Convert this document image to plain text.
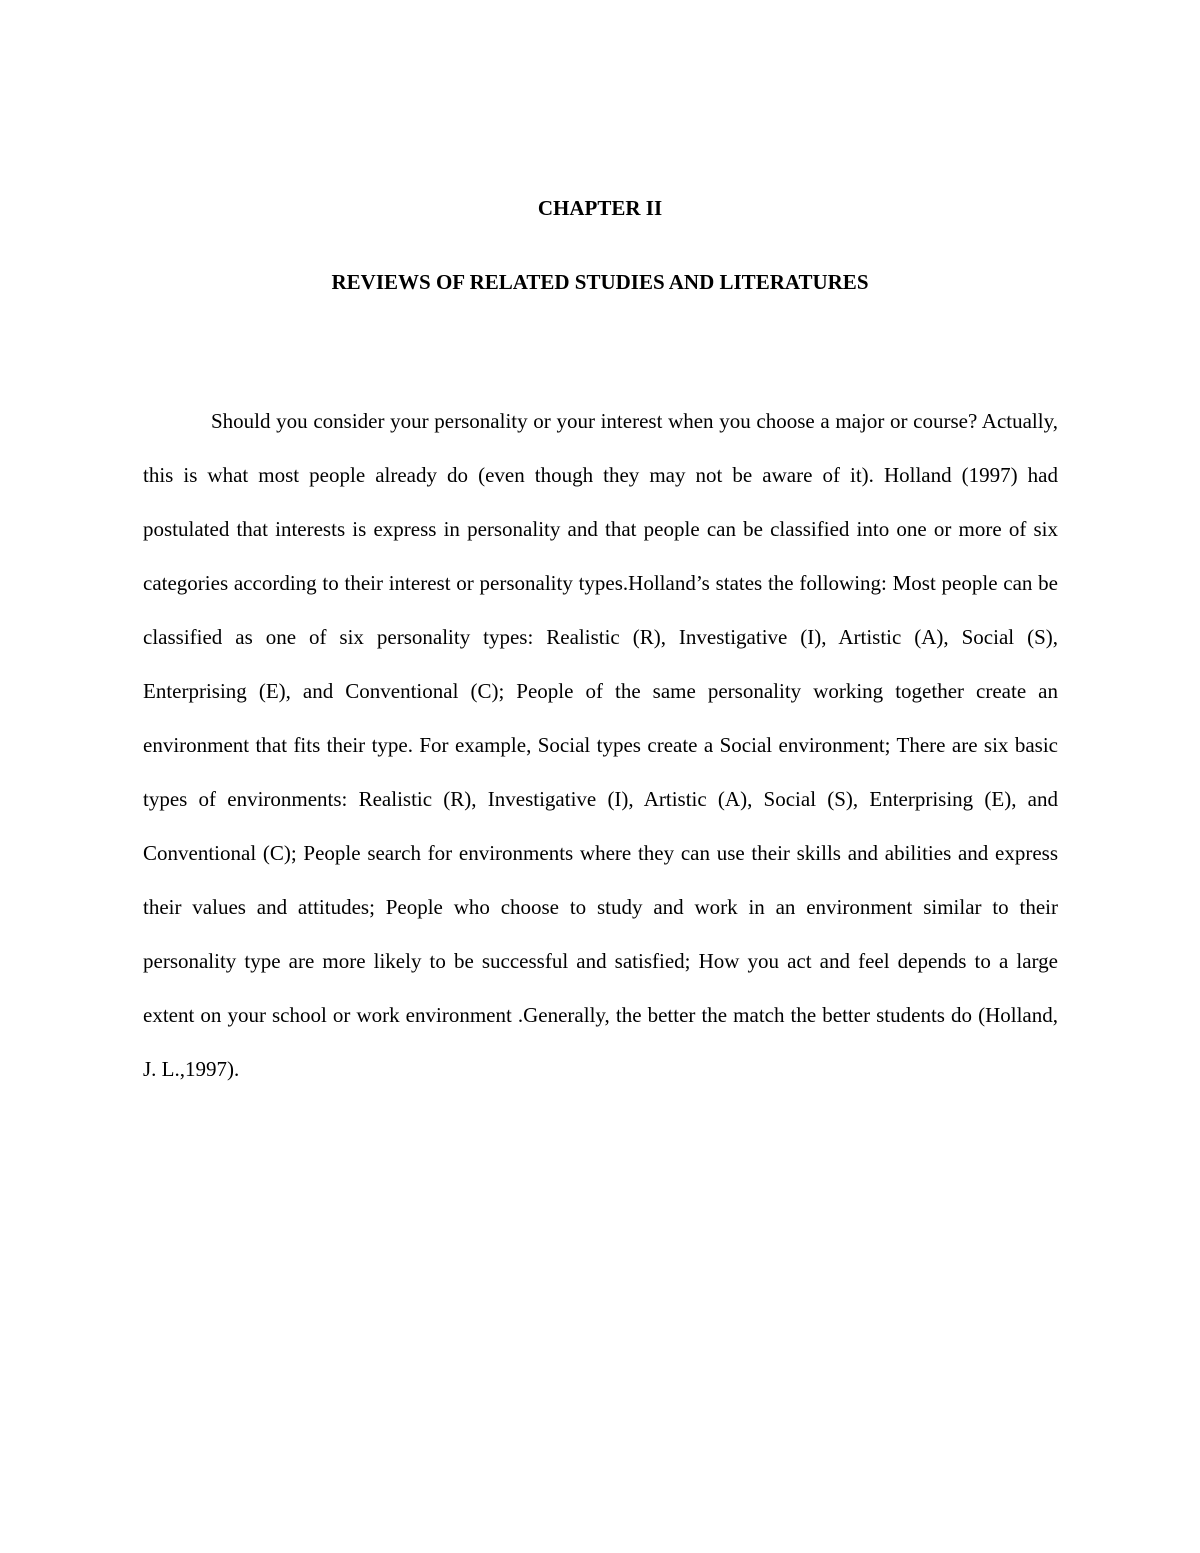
CHAPTER II
REVIEWS OF RELATED STUDIES AND LITERATURES

Should you consider your personality or your interest when you choose a major or course? Actually, this is what most people already do (even though they may not be aware of it). Holland (1997) had postulated that interests is express in personality and that people can be classified into one or more of six categories according to their interest or personality types.Holland’s states the following: Most people can be classified as one of six personality types: Realistic (R), Investigative (I), Artistic (A), Social (S), Enterprising (E), and Conventional (C); People of the same personality working together create an environment that fits their type. For example, Social types create a Social environment; There are six basic types of environments: Realistic (R), Investigative (I), Artistic (A), Social (S), Enterprising (E), and Conventional (C); People search for environments where they can use their skills and abilities and express their values and attitudes; People who choose to study and work in an environment similar to their personality type are more likely to be successful and satisfied; How you act and feel depends to a large extent on your school or work environment .Generally, the better the match the better students do (Holland, J. L.,1997).
